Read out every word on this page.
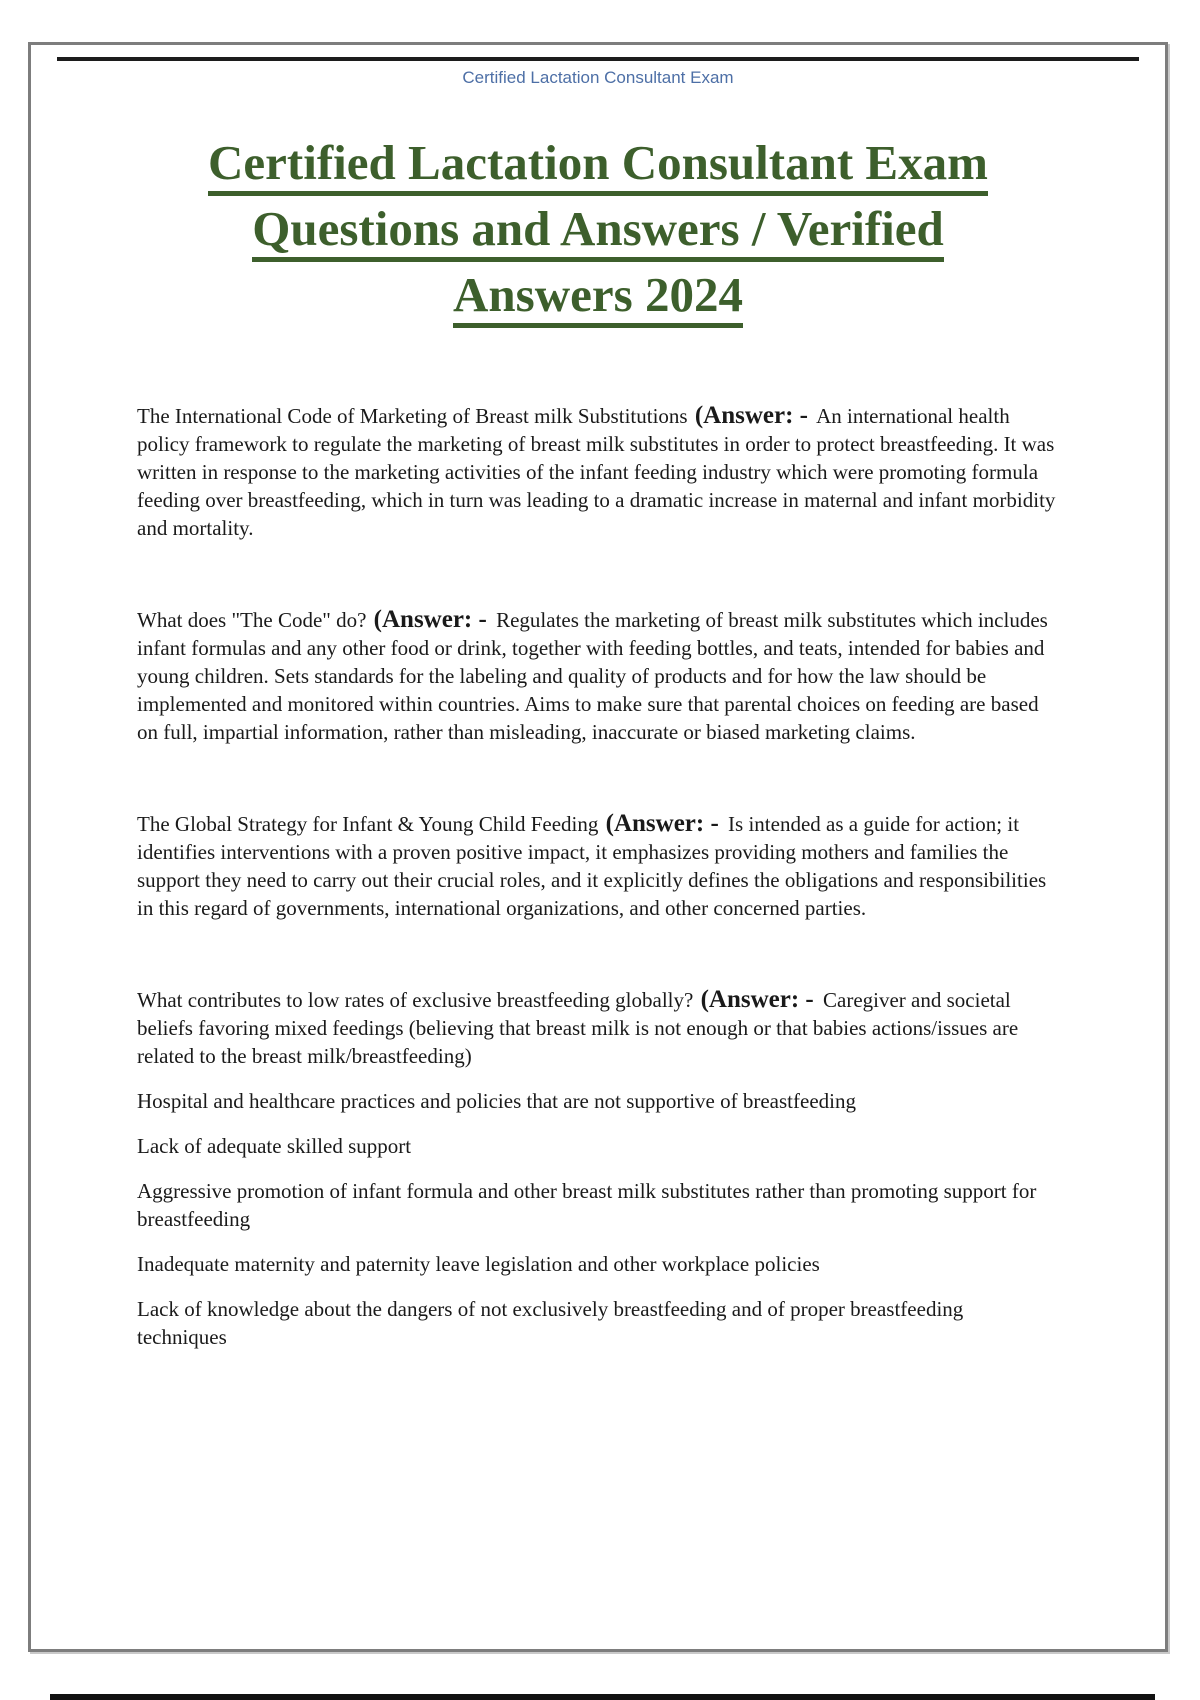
Certified Lactation Consultant Exam
Certified Lactation Consultant Exam
Questions and Answers / Verified
Answers 2024

The International Code of Marketing of Breast milk Substitutions (Answer: - An international health policy framework to regulate the marketing of breast milk substitutes in order to protect breastfeeding. It was written in response to the marketing activities of the infant feeding industry which were promoting formula feeding over breastfeeding, which in turn was leading to a dramatic increase in maternal and infant morbidity and mortality.

What does "The Code" do? (Answer: - Regulates the marketing of breast milk substitutes which includes infant formulas and any other food or drink, together with feeding bottles, and teats, intended for babies and young children. Sets standards for the labeling and quality of products and for how the law should be implemented and monitored within countries. Aims to make sure that parental choices on feeding are based on full, impartial information, rather than misleading, inaccurate or biased marketing claims.

The Global Strategy for Infant & Young Child Feeding (Answer: - Is intended as a guide for action; it identifies interventions with a proven positive impact, it emphasizes providing mothers and families the support they need to carry out their crucial roles, and it explicitly defines the obligations and responsibilities in this regard of governments, international organizations, and other concerned parties.

What contributes to low rates of exclusive breastfeeding globally? (Answer: - Caregiver and societal beliefs favoring mixed feedings (believing that breast milk is not enough or that babies actions/issues are related to the breast milk/breastfeeding)

Hospital and healthcare practices and policies that are not supportive of breastfeeding

Lack of adequate skilled support

Aggressive promotion of infant formula and other breast milk substitutes rather than promoting support for breastfeeding

Inadequate maternity and paternity leave legislation and other workplace policies

Lack of knowledge about the dangers of not exclusively breastfeeding and of proper breastfeeding techniques
